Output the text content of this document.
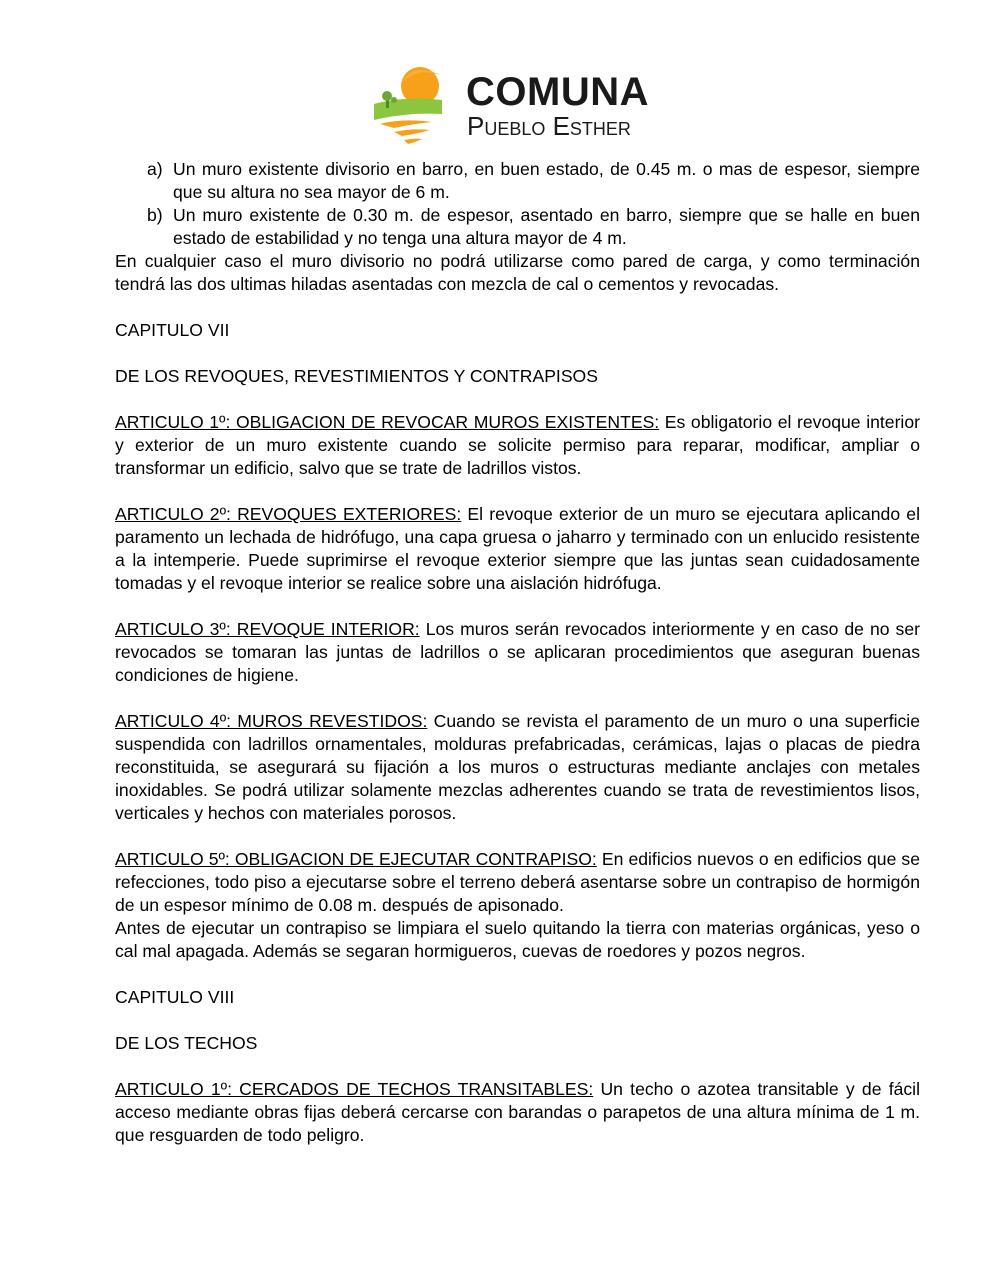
COMUNA
Pueblo Esther
a) Un muro existente divisorio en barro, en buen estado, de 0.45 m. o mas de espesor, siempre que su altura no sea mayor de 6 m.
b) Un muro existente de 0.30 m. de espesor, asentado en barro, siempre que se halle en buen estado de estabilidad y no tenga una altura mayor de 4 m.

En cualquier caso el muro divisorio no podrá utilizarse como pared de carga, y como terminación tendrá las dos ultimas hiladas asentadas con mezcla de cal o cementos y revocadas.

CAPITULO VII

DE LOS REVOQUES, REVESTIMIENTOS Y CONTRAPISOS

ARTICULO 1º: OBLIGACION DE REVOCAR MUROS EXISTENTES: Es obligatorio el revoque interior y exterior de un muro existente cuando se solicite permiso para reparar, modificar, ampliar o transformar un edificio, salvo que se trate de ladrillos vistos.

ARTICULO 2º: REVOQUES EXTERIORES: El revoque exterior de un muro se ejecutara aplicando el paramento un lechada de hidrófugo, una capa gruesa o jaharro y terminado con un enlucido resistente a la intemperie. Puede suprimirse el revoque exterior siempre que las juntas sean cuidadosamente tomadas y el revoque interior se realice sobre una aislación hidrófuga.

ARTICULO 3º: REVOQUE INTERIOR: Los muros serán revocados interiormente y en caso de no ser revocados se tomaran las juntas de ladrillos o se aplicaran procedimientos que aseguran buenas condiciones de higiene.

ARTICULO 4º: MUROS REVESTIDOS: Cuando se revista el paramento de un muro o una superficie suspendida con ladrillos ornamentales, molduras prefabricadas, cerámicas, lajas o placas de piedra reconstituida, se asegurará su fijación a los muros o estructuras mediante anclajes con metales inoxidables. Se podrá utilizar solamente mezclas adherentes cuando se trata de revestimientos lisos, verticales y hechos con materiales porosos.

ARTICULO 5º: OBLIGACION DE EJECUTAR CONTRAPISO: En edificios nuevos o en edificios que se refecciones, todo piso a ejecutarse sobre el terreno deberá asentarse sobre un contrapiso de hormigón de un espesor mínimo de 0.08 m. después de apisonado.

Antes de ejecutar un contrapiso se limpiara el suelo quitando la tierra con materias orgánicas, yeso o cal mal apagada. Además se segaran hormigueros, cuevas de roedores y pozos negros.

CAPITULO VIII

DE LOS TECHOS

ARTICULO 1º: CERCADOS DE TECHOS TRANSITABLES: Un techo o azotea transitable y de fácil acceso mediante obras fijas deberá cercarse con barandas o parapetos de una altura mínima de 1 m. que resguarden de todo peligro.
